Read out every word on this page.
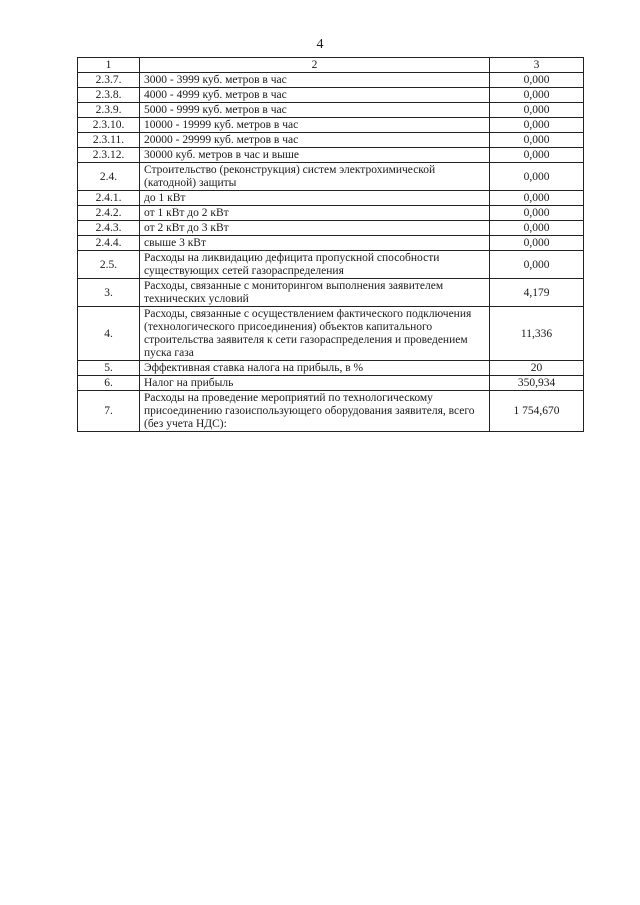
4
1	2	3
2.3.7.	3000 - 3999 куб. метров в час	0,000
2.3.8.	4000 - 4999 куб. метров в час	0,000
2.3.9.	5000 - 9999 куб. метров в час	0,000
2.3.10.	10000 - 19999 куб. метров в час	0,000
2.3.11.	20000 - 29999 куб. метров в час	0,000
2.3.12.	30000 куб. метров в час и выше	0,000
2.4.	Строительство (реконструкция) систем электрохимической (катодной) защиты	0,000
2.4.1.	до 1 кВт	0,000
2.4.2.	от 1 кВт до 2 кВт	0,000
2.4.3.	от 2 кВт до 3 кВт	0,000
2.4.4.	свыше 3 кВт	0,000
2.5.	Расходы на ликвидацию дефицита пропускной способности существующих сетей газораспределения	0,000
3.	Расходы, связанные с мониторингом выполнения заявителем технических условий	4,179
4.	Расходы, связанные с осуществлением фактического подключения (технологического присоединения) объектов капитального строительства заявителя к сети газораспределения и проведением пуска газа	11,336
5.	Эффективная ставка налога на прибыль, в %	20
6.	Налог на прибыль	350,934
7.	Расходы на проведение мероприятий по технологическому присоединению газоиспользующего оборудования заявителя, всего (без учета НДС):	1 754,670
